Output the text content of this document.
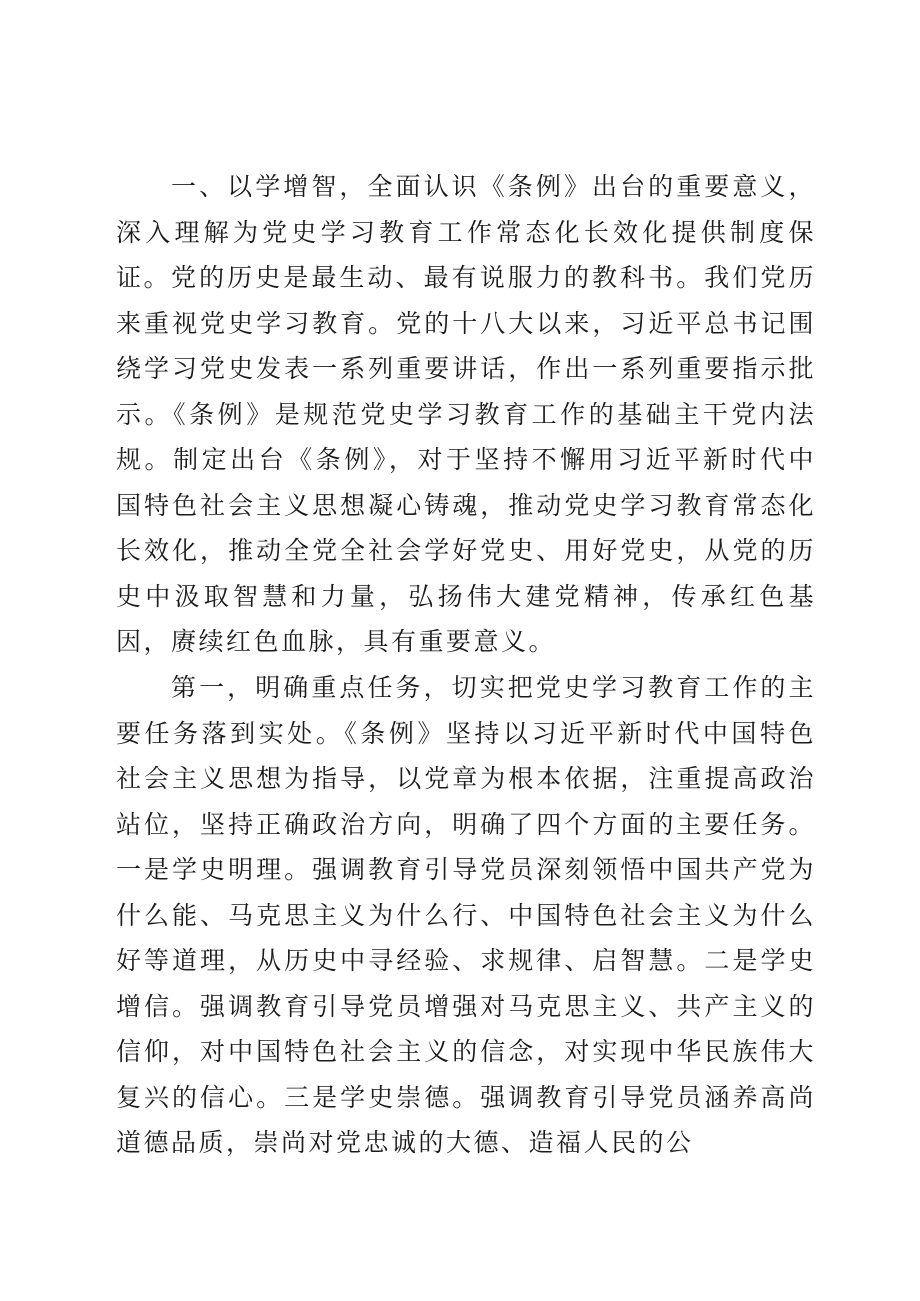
一、以学增智，全面认识《条例》出台的重要意义，深入理解为党史学习教育工作常态化长效化提供制度保证。 党的历史是最生动、最有说服力的教科书。我们党历来重视党史学习教育。党的十八大以来，习近平总书记围绕学习党史发表一系列重要讲话，作出一系列重要指示批示。《条例》是规范党史学习教育工作的基础主干党内法规。制定出台《条例》，对于坚持不懈用习近平新时代中国特色社会主义思想凝心铸魂，推动党史学习教育常态化长效化，推动全党全社会学好党史、用好党史，从党的历史中汲取智慧和力量，弘扬伟大建党精神，传承红色基因，赓续红色血脉，具有重要意义。

第一，明确重点任务，切实把党史学习教育工作的主要任务落到实处。《条例》坚持以习近平新时代中国特色社会主义思想为指导，以党章为根本依据，注重提高政治站位，坚持正确政治方向，明确了四个方面的主要任务。一是学史明理。强调教育引导党员深刻领悟中国共产党为什么能、马克思主义为什么行、中国特色社会主义为什么好等道理，从历史中寻经验、求规律、启智慧。二是学史增信。强调教育引导党员增强对马克思主义、共产主义的信仰，对中国特色社会主义的信念，对实现中华民族伟大复兴的信心。三是学史崇德。强调教育引导党员涵养高尚道德品质，崇尚对党忠诚的大德、造福人民的公
